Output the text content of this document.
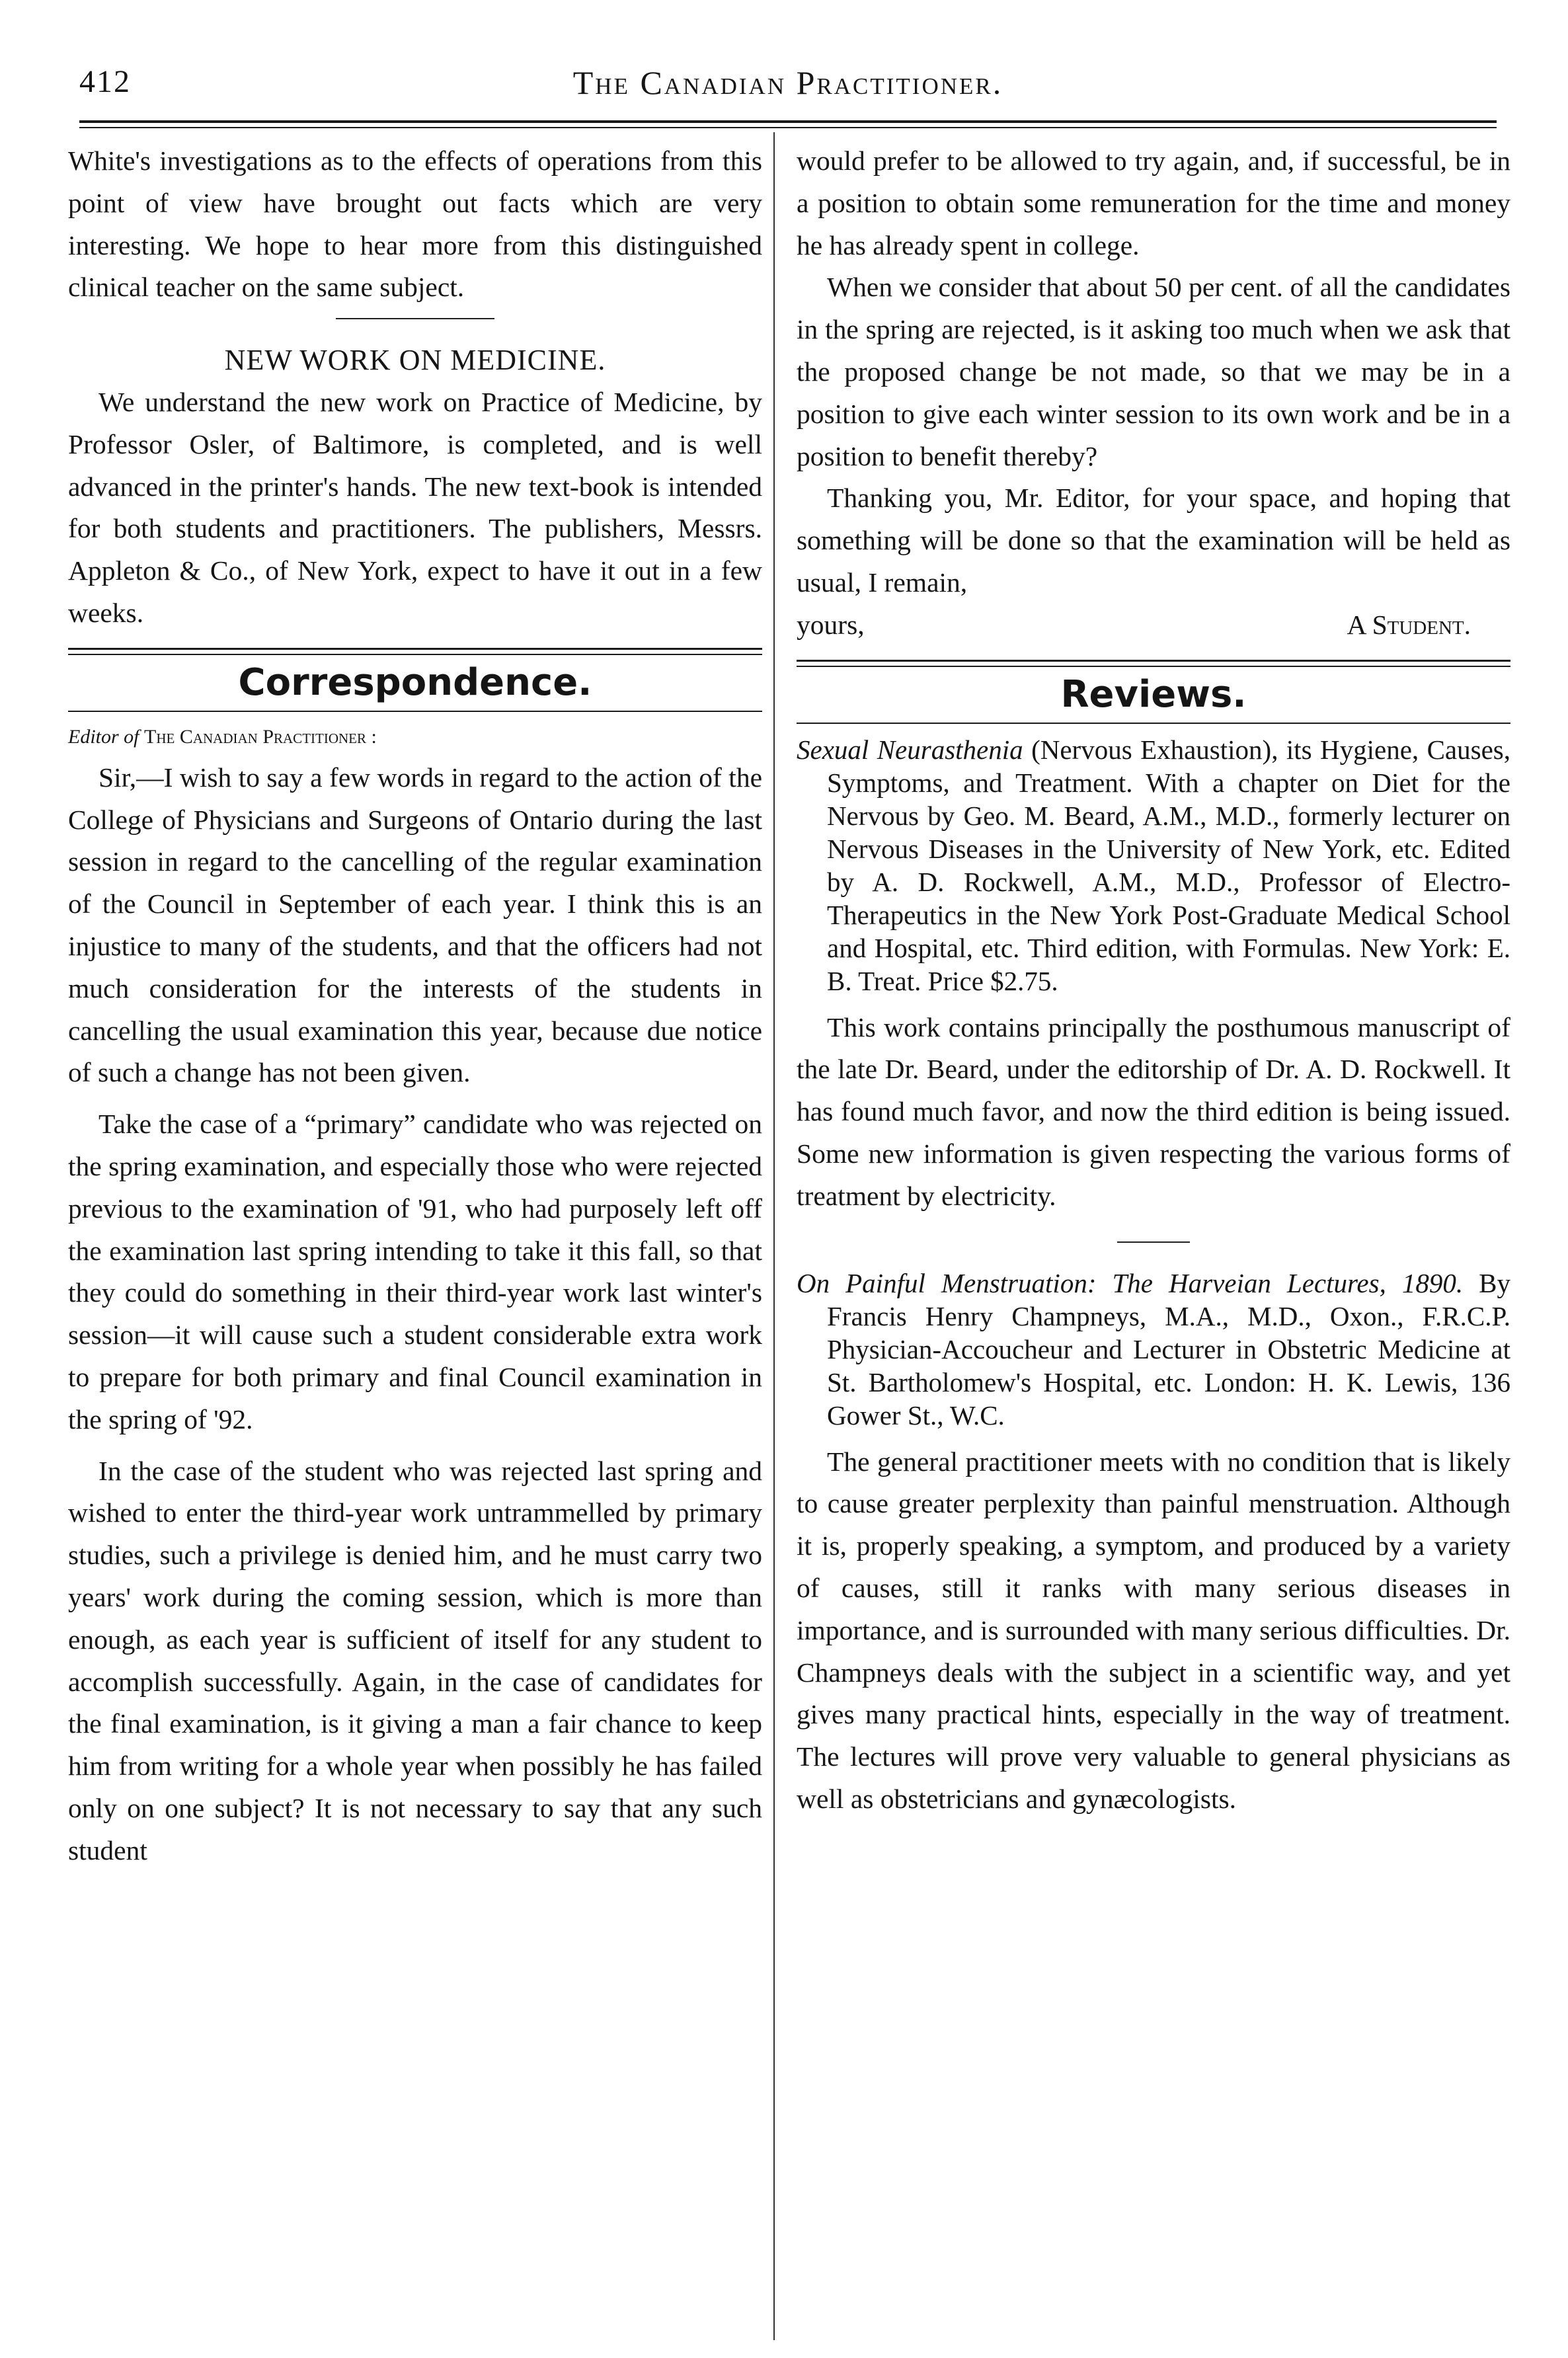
412	The Canadian Practitioner.

White's investigations as to the effects of operations from this point of view have brought out facts which are very interesting. We hope to hear more from this distinguished clinical teacher on the same subject.

NEW WORK ON MEDICINE.

We understand the new work on Practice of Medicine, by Professor Osler, of Baltimore, is completed, and is well advanced in the printer's hands. The new text-book is intended for both students and practitioners. The publishers, Messrs. Appleton & Co., of New York, expect to have it out in a few weeks.

Correspondence.
Editor of The Canadian Practitioner :

Sir,—I wish to say a few words in regard to the action of the College of Physicians and Surgeons of Ontario during the last session in regard to the cancelling of the regular examination of the Council in September of each year. I think this is an injustice to many of the students, and that the officers had not much consideration for the interests of the students in cancelling the usual examination this year, because due notice of such a change has not been given.

Take the case of a “primary” candidate who was rejected on the spring examination, and especially those who were rejected previous to the examination of '91, who had purposely left off the examination last spring intending to take it this fall, so that they could do something in their third-year work last winter's session—it will cause such a student considerable extra work to prepare for both primary and final Council examination in the spring of '92.

In the case of the student who was rejected last spring and wished to enter the third-year work untrammelled by primary studies, such a privilege is denied him, and he must carry two years' work during the coming session, which is more than enough, as each year is sufficient of itself for any student to accomplish successfully. Again, in the case of candidates for the final examination, is it giving a man a fair chance to keep him from writing for a whole year when possibly he has failed only on one subject? It is not necessary to say that any such student

would prefer to be allowed to try again, and, if successful, be in a position to obtain some remuneration for the time and money he has already spent in college.

When we consider that about 50 per cent. of all the candidates in the spring are rejected, is it asking too much when we ask that the proposed change be not made, so that we may be in a position to give each winter session to its own work and be in a position to benefit thereby?

Thanking you, Mr. Editor, for your space, and hoping that something will be done so that the examination will be held as usual, I remain,

yours,	A Student.
Reviews.

Sexual Neurasthenia (Nervous Exhaustion), its Hygiene, Causes, Symptoms, and Treatment. With a chapter on Diet for the Nervous by Geo. M. Beard, A.M., M.D., formerly lecturer on Nervous Diseases in the University of New York, etc. Edited by A. D. Rockwell, A.M., M.D., Professor of Electro-Therapeutics in the New York Post-Graduate Medical School and Hospital, etc. Third edition, with Formulas. New York: E. B. Treat. Price $2.75.

This work contains principally the posthumous manuscript of the late Dr. Beard, under the editorship of Dr. A. D. Rockwell. It has found much favor, and now the third edition is being issued. Some new information is given respecting the various forms of treatment by electricity.

On Painful Menstruation: The Harveian Lectures, 1890. By Francis Henry Champneys, M.A., M.D., Oxon., F.R.C.P. Physician-Accoucheur and Lecturer in Obstetric Medicine at St. Bartholomew's Hospital, etc. London: H. K. Lewis, 136 Gower St., W.C.

The general practitioner meets with no condition that is likely to cause greater perplexity than painful menstruation. Although it is, properly speaking, a symptom, and produced by a variety of causes, still it ranks with many serious diseases in importance, and is surrounded with many serious difficulties. Dr. Champneys deals with the subject in a scientific way, and yet gives many practical hints, especially in the way of treatment. The lectures will prove very valuable to general physicians as well as obstetricians and gynæcologists.
